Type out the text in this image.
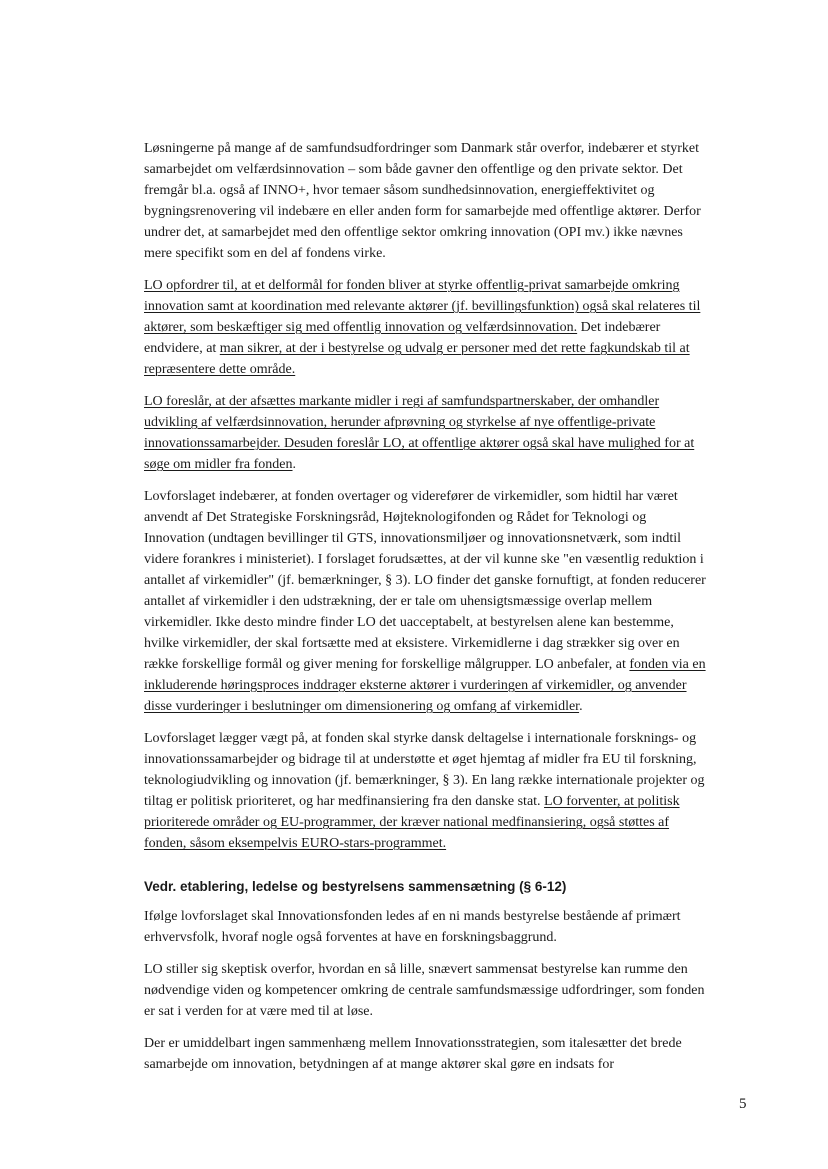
Løsningerne på mange af de samfundsudfordringer som Danmark står overfor, indebærer et styrket samarbejdet om velfærdsinnovation – som både gavner den offentlige og den private sektor. Det fremgår bl.a. også af INNO+, hvor temaer såsom sundhedsinnovation, energieffektivitet og bygningsrenovering vil indebære en eller anden form for samarbejde med offentlige aktører. Derfor undrer det, at samarbejdet med den offentlige sektor omkring innovation (OPI mv.) ikke nævnes mere specifikt som en del af fondens virke.

LO opfordrer til, at et delformål for fonden bliver at styrke offentlig-privat samarbejde omkring innovation samt at koordination med relevante aktører (jf. bevillingsfunktion) også skal relateres til aktører, som beskæftiger sig med offentlig innovation og velfærdsinnovation. Det indebærer endvidere, at man sikrer, at der i bestyrelse og udvalg er personer med det rette fagkundskab til at repræsentere dette område.

LO foreslår, at der afsættes markante midler i regi af samfundspartnerskaber, der omhandler udvikling af velfærdsinnovation, herunder afprøvning og styrkelse af nye offentlige-private innovationssamarbejder. Desuden foreslår LO, at offentlige aktører også skal have mulighed for at søge om midler fra fonden.

Lovforslaget indebærer, at fonden overtager og viderefører de virkemidler, som hidtil har været anvendt af Det Strategiske Forskningsråd, Højteknologifonden og Rådet for Teknologi og Innovation (undtagen bevillinger til GTS, innovationsmiljøer og innovationsnetværk, som indtil videre forankres i ministeriet). I forslaget forudsættes, at der vil kunne ske "en væsentlig reduktion i antallet af virkemidler" (jf. bemærkninger, § 3). LO finder det ganske fornuftigt, at fonden reducerer antallet af virkemidler i den udstrækning, der er tale om uhensigtsmæssige overlap mellem virkemidler. Ikke desto mindre finder LO det uacceptabelt, at bestyrelsen alene kan bestemme, hvilke virkemidler, der skal fortsætte med at eksistere. Virkemidlerne i dag strækker sig over en række forskellige formål og giver mening for forskellige målgrupper. LO anbefaler, at fonden via en inkluderende høringsproces inddrager eksterne aktører i vurderingen af virkemidler, og anvender disse vurderinger i beslutninger om dimensionering og omfang af virkemidler.

Lovforslaget lægger vægt på, at fonden skal styrke dansk deltagelse i internationale forsknings- og innovationssamarbejder og bidrage til at understøtte et øget hjemtag af midler fra EU til forskning, teknologiudvikling og innovation (jf. bemærkninger, § 3). En lang række internationale projekter og tiltag er politisk prioriteret, og har medfinansiering fra den danske stat. LO forventer, at politisk prioriterede områder og EU-programmer, der kræver national medfinansiering, også støttes af fonden, såsom eksempelvis EURO-stars-programmet.

Vedr. etablering, ledelse og bestyrelsens sammensætning (§ 6-12)

Ifølge lovforslaget skal Innovationsfonden ledes af en ni mands bestyrelse bestående af primært erhvervsfolk, hvoraf nogle også forventes at have en forskningsbaggrund.

LO stiller sig skeptisk overfor, hvordan en så lille, snævert sammensat bestyrelse kan rumme den nødvendige viden og kompetencer omkring de centrale samfundsmæssige udfordringer, som fonden er sat i verden for at være med til at løse.

Der er umiddelbart ingen sammenhæng mellem Innovationsstrategien, som italesætter det brede samarbejde om innovation, betydningen af at mange aktører skal gøre en indsats for

5
